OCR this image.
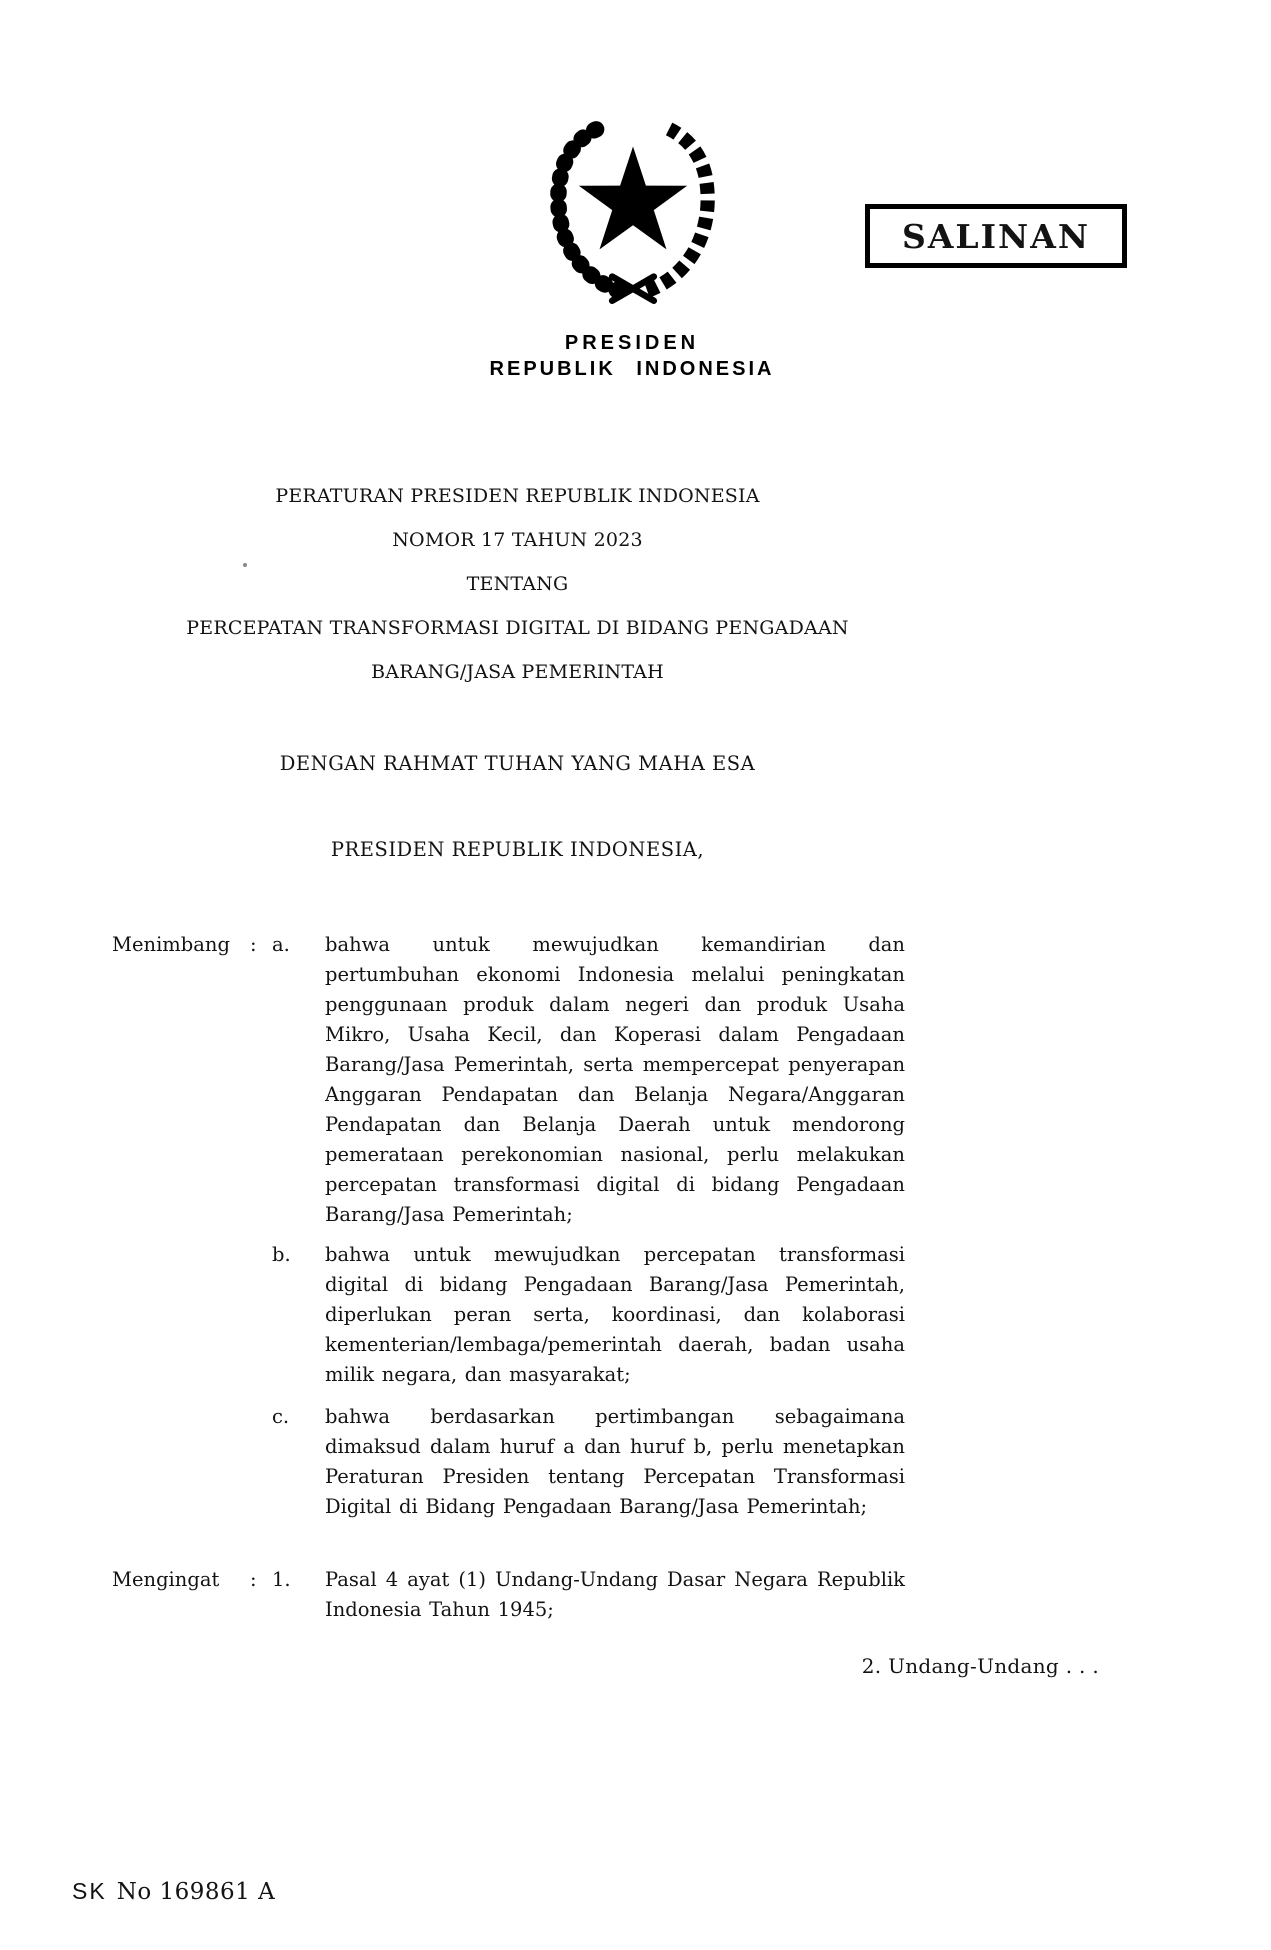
SALINAN
PRESIDEN
REPUBLIK INDONESIA
PERATURAN PRESIDEN REPUBLIK INDONESIA
NOMOR 17 TAHUN 2023
TENTANG
PERCEPATAN TRANSFORMASI DIGITAL DI BIDANG PENGADAAN
BARANG/JASA PEMERINTAH
DENGAN RAHMAT TUHAN YANG MAHA ESA
PRESIDEN REPUBLIK INDONESIA,
Menimbang	: a.	bahwa untuk mewujudkan kemandirian dan pertumbuhan ekonomi Indonesia melalui peningkatan penggunaan produk dalam negeri dan produk Usaha Mikro, Usaha Kecil, dan Koperasi dalam Pengadaan Barang/Jasa Pemerintah, serta mempercepat penyerapan Anggaran Pendapatan dan Belanja Negara/Anggaran Pendapatan dan Belanja Daerah untuk mendorong pemerataan perekonomian nasional, perlu melakukan percepatan transformasi digital di bidang Pengadaan Barang/Jasa Pemerintah;
b.	bahwa untuk mewujudkan percepatan transformasi digital di bidang Pengadaan Barang/Jasa Pemerintah, diperlukan peran serta, koordinasi, dan kolaborasi kementerian/lembaga/pemerintah daerah, badan usaha milik negara, dan masyarakat;
c.	bahwa berdasarkan pertimbangan sebagaimana dimaksud dalam huruf a dan huruf b, perlu menetapkan Peraturan Presiden tentang Percepatan Transformasi Digital di Bidang Pengadaan Barang/Jasa Pemerintah;
Mengingat	: 1.	Pasal 4 ayat (1) Undang-Undang Dasar Negara Republik Indonesia Tahun 1945;
2. Undang-Undang . . .
SK No 169861 A
